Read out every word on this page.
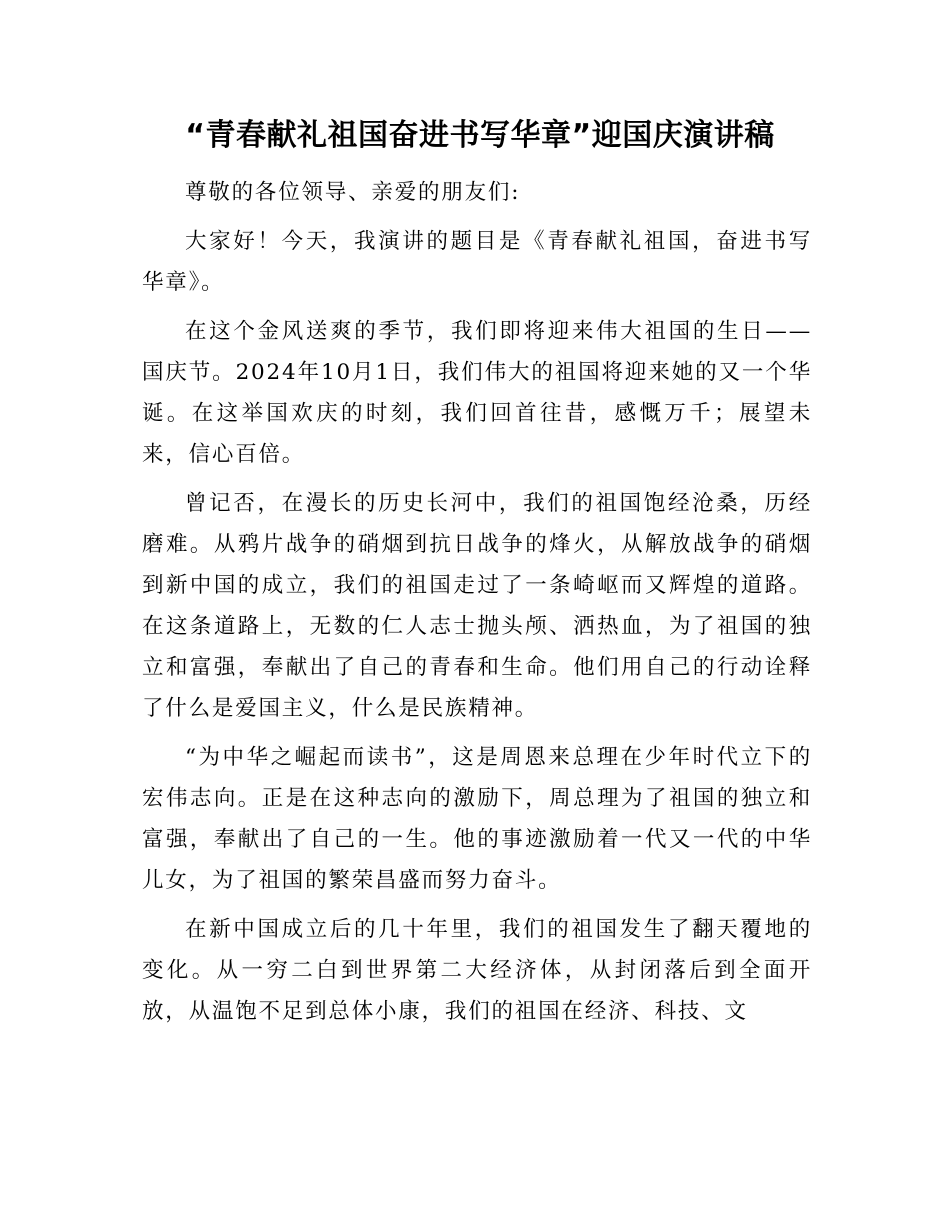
“青春献礼祖国奋进书写华章”迎国庆演讲稿

尊敬的各位领导、亲爱的朋友们:

大家好！今天，我演讲的题目是《青春献礼祖国，奋进书写华章》。

在这个金风送爽的季节，我们即将迎来伟大祖国的生日——国庆节。2024年10月1日，我们伟大的祖国将迎来她的又一个华诞。在这举国欢庆的时刻，我们回首往昔，感慨万千；展望未来，信心百倍。

曾记否，在漫长的历史长河中，我们的祖国饱经沧桑，历经磨难。从鸦片战争的硝烟到抗日战争的烽火，从解放战争的硝烟到新中国的成立，我们的祖国走过了一条崎岖而又辉煌的道路。在这条道路上，无数的仁人志士抛头颅、洒热血，为了祖国的独立和富强，奉献出了自己的青春和生命。他们用自己的行动诠释了什么是爱国主义，什么是民族精神。

“为中华之崛起而读书”，这是周恩来总理在少年时代立下的宏伟志向。正是在这种志向的激励下，周总理为了祖国的独立和富强，奉献出了自己的一生。他的事迹激励着一代又一代的中华儿女，为了祖国的繁荣昌盛而努力奋斗。

在新中国成立后的几十年里，我们的祖国发生了翻天覆地的变化。从一穷二白到世界第二大经济体，从封闭落后到全面开放，从温饱不足到总体小康，我们的祖国在经济、科技、文
